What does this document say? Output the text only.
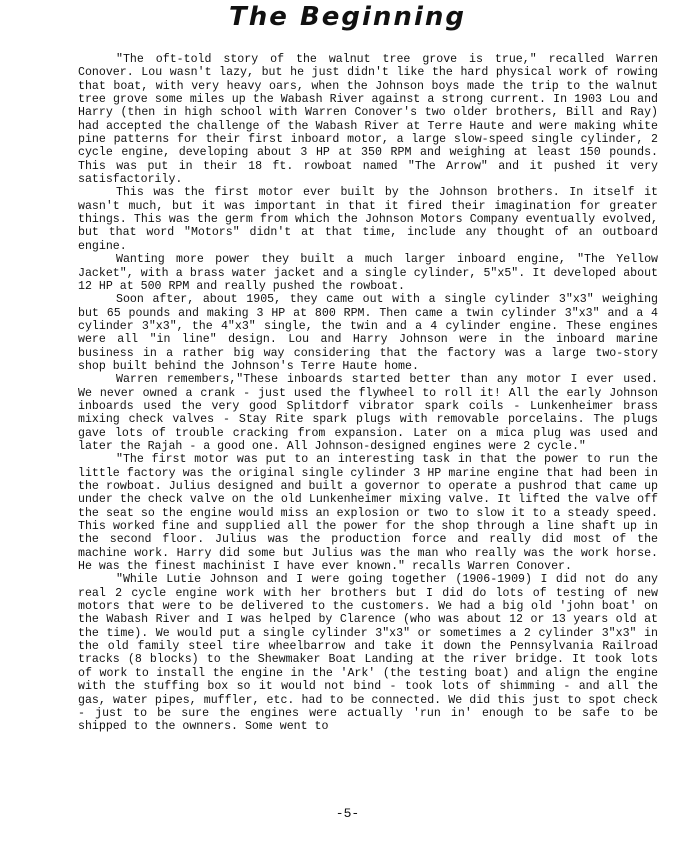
The Beginning

"The oft-told story of the walnut tree grove is true," recalled Warren Conover. Lou wasn't lazy, but he just didn't like the hard physical work of rowing that boat, with very heavy oars, when the Johnson boys made the trip to the walnut tree grove some miles up the Wabash River against a strong current. In 1903 Lou and Harry (then in high school with Warren Conover's two older brothers, Bill and Ray) had accepted the challenge of the Wabash River at Terre Haute and were making white pine patterns for their first inboard motor, a large slow-speed single cylinder, 2 cycle engine, developing about 3 HP at 350 RPM and weighing at least 150 pounds. This was put in their 18 ft. rowboat named "The Arrow" and it pushed it very satisfactorily.

This was the first motor ever built by the Johnson brothers. In itself it wasn't much, but it was important in that it fired their imagination for greater things. This was the germ from which the Johnson Motors Company eventually evolved, but that word "Motors" didn't at that time, include any thought of an outboard engine.

Wanting more power they built a much larger inboard engine, "The Yellow Jacket", with a brass water jacket and a single cylinder, 5"x5". It developed about 12 HP at 500 RPM and really pushed the rowboat.

Soon after, about 1905, they came out with a single cylinder 3"x3" weighing but 65 pounds and making 3 HP at 800 RPM. Then came a twin cylinder 3"x3" and a 4 cylinder 3"x3", the 4"x3" single, the twin and a 4 cylinder engine. These engines were all "in line" design. Lou and Harry Johnson were in the inboard marine business in a rather big way considering that the factory was a large two-story shop built behind the Johnson's Terre Haute home.

Warren remembers,"These inboards started better than any motor I ever used. We never owned a crank - just used the flywheel to roll it! All the early Johnson inboards used the very good Splitdorf vibrator spark coils - Lunkenheimer brass mixing check valves - Stay Rite spark plugs with removable porcelains. The plugs gave lots of trouble cracking from expansion. Later on a mica plug was used and later the Rajah - a good one. All Johnson-designed engines were 2 cycle."

"The first motor was put to an interesting task in that the power to run the little factory was the original single cylinder 3 HP marine engine that had been in the rowboat. Julius designed and built a governor to operate a pushrod that came up under the check valve on the old Lunkenheimer mixing valve. It lifted the valve off the seat so the engine would miss an explosion or two to slow it to a steady speed. This worked fine and supplied all the power for the shop through a line shaft up in the second floor. Julius was the production force and really did most of the machine work. Harry did some but Julius was the man who really was the work horse. He was the finest machinist I have ever known." recalls Warren Conover.

"While Lutie Johnson and I were going together (1906-1909) I did not do any real 2 cycle engine work with her brothers but I did do lots of testing of new motors that were to be delivered to the customers. We had a big old 'john boat' on the Wabash River and I was helped by Clarence (who was about 12 or 13 years old at the time). We would put a single cylinder 3"x3" or sometimes a 2 cylinder 3"x3" in the old family steel tire wheelbarrow and take it down the Pennsylvania Railroad tracks (8 blocks) to the Shewmaker Boat Landing at the river bridge. It took lots of work to install the engine in the 'Ark' (the testing boat) and align the engine with the stuffing box so it would not bind - took lots of shimming - and all the gas, water pipes, muffler, etc. had to be connected. We did this just to spot check - just to be sure the engines were actually 'run in' enough to be safe to be shipped to the ownners. Some went to

-5-
